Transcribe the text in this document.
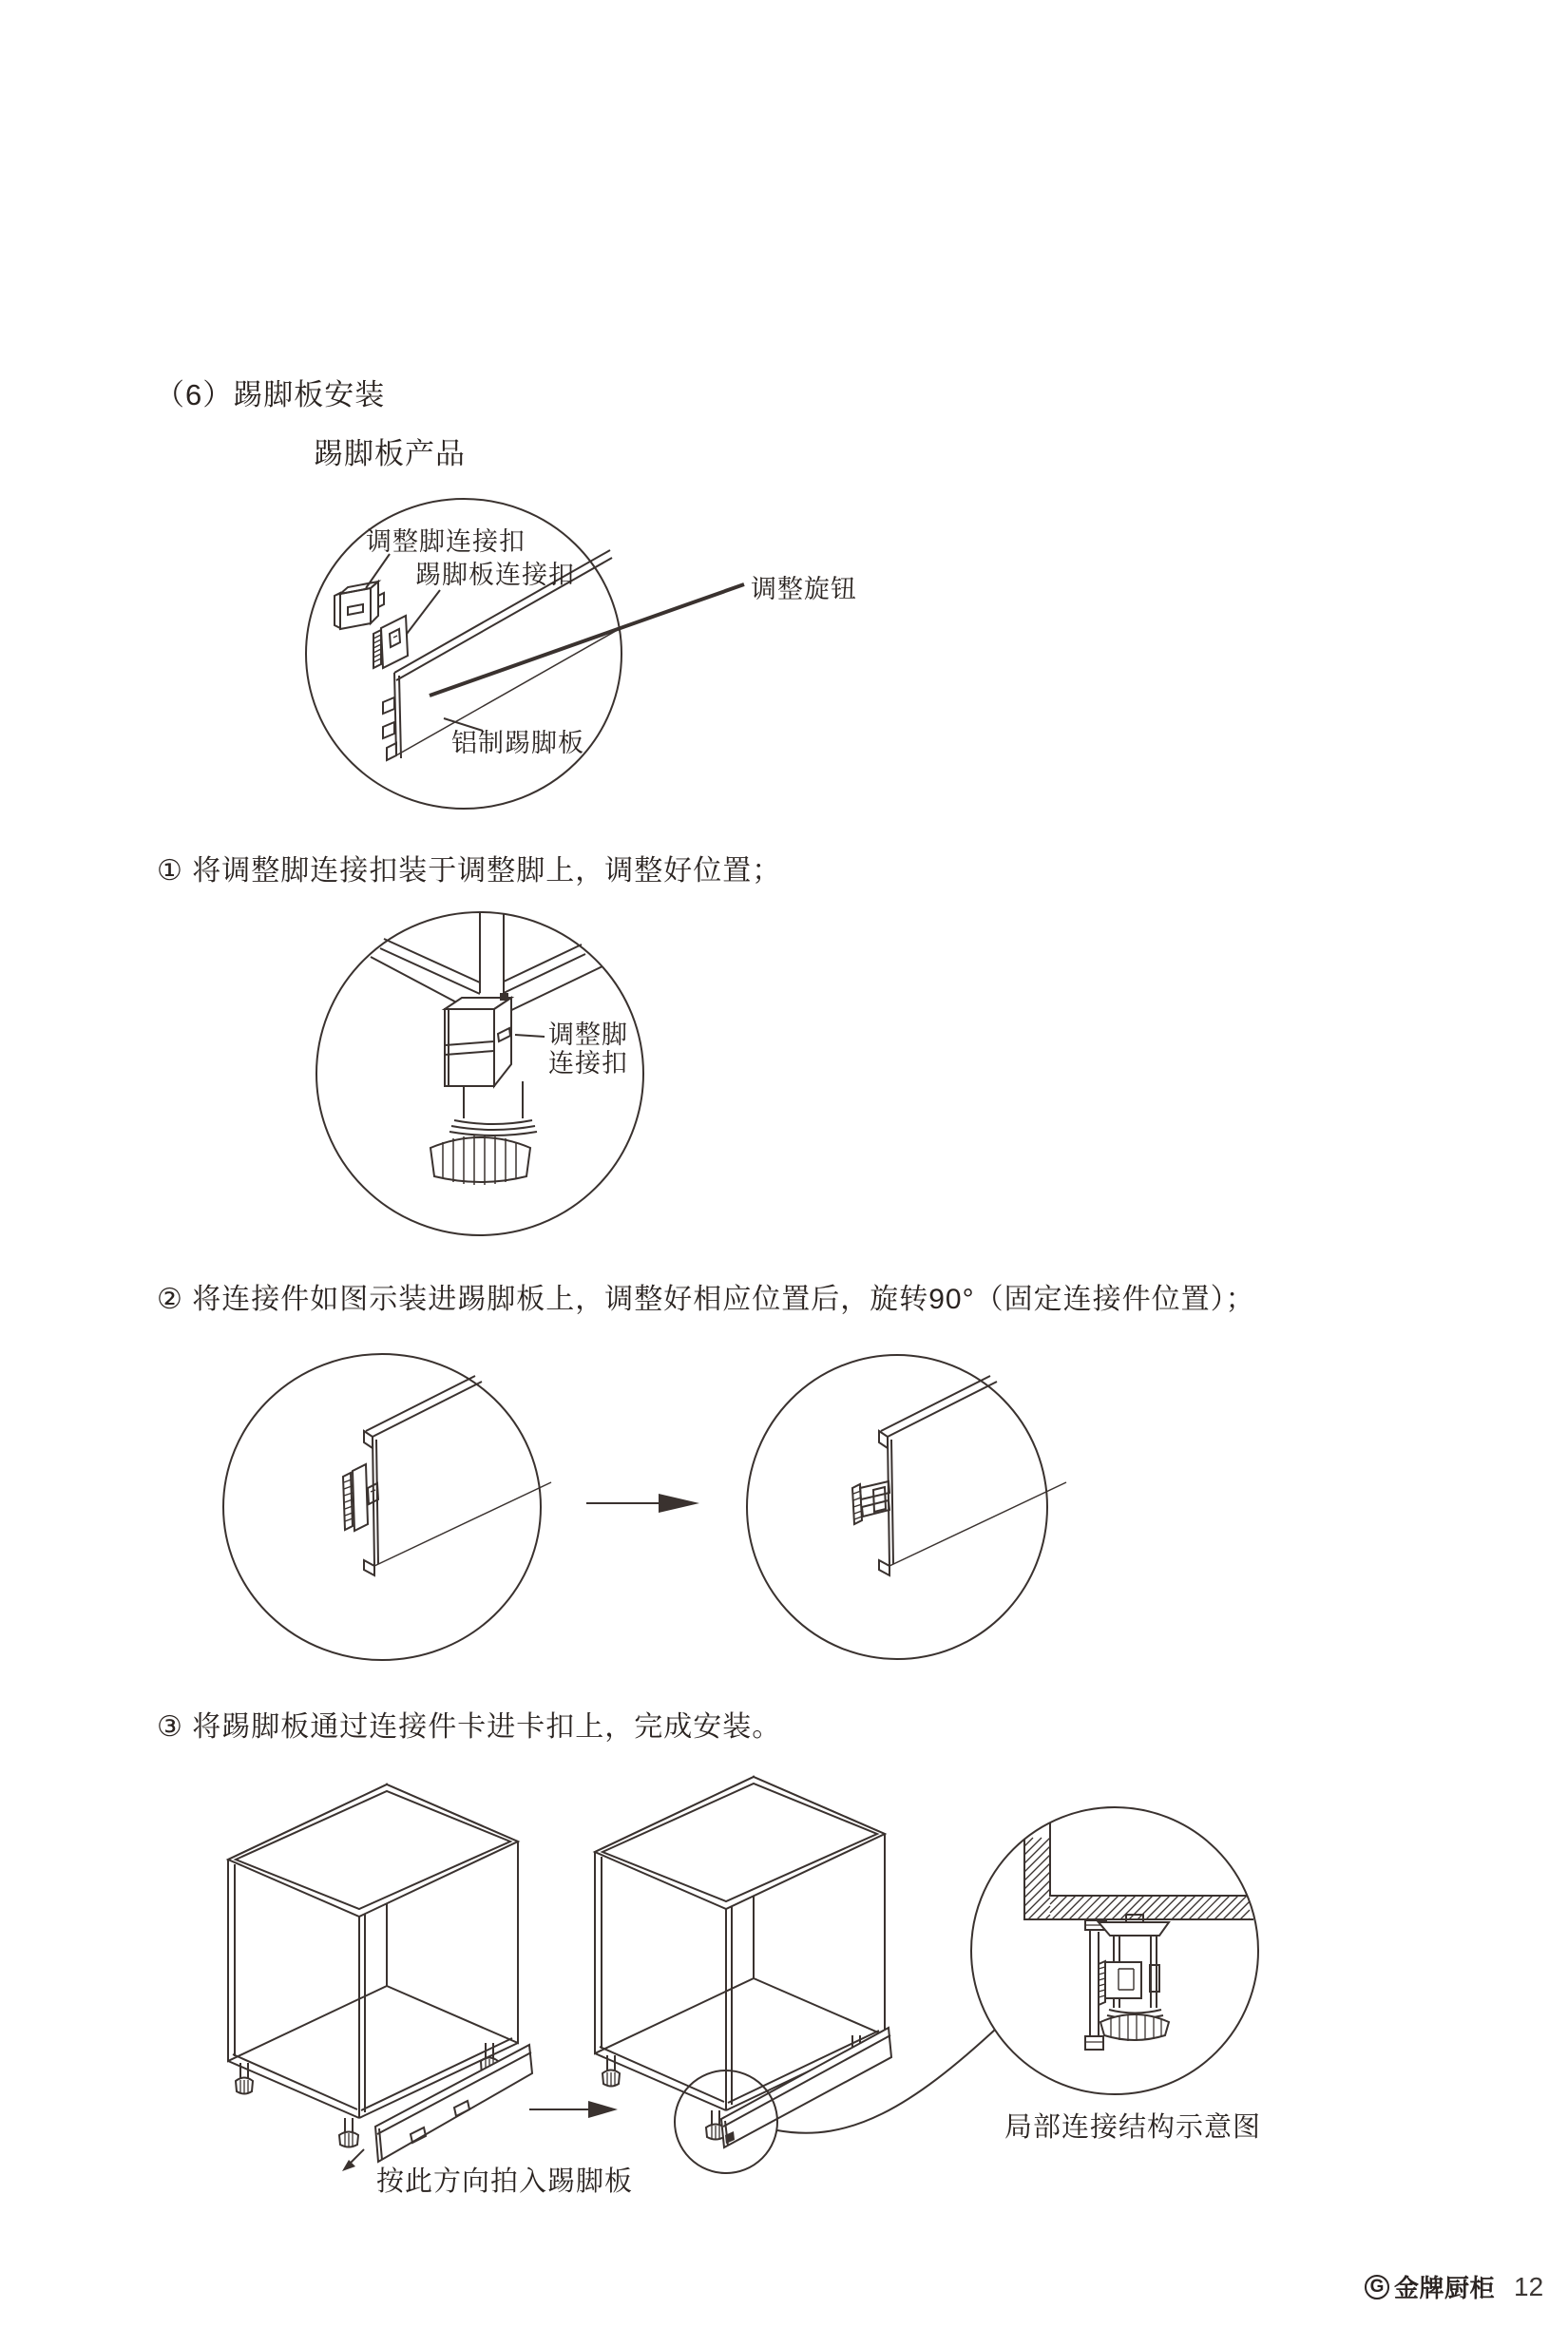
（6）踢脚板安装
踢脚板产品
调整脚连接扣
踢脚板连接扣
铝制踢脚板
调整旋钮
① 将调整脚连接扣装于调整脚上，调整好位置；
调整脚
连接扣
② 将连接件如图示装进踢脚板上，调整好相应位置后，旋转90°（固定连接件位置）；
③ 将踢脚板通过连接件卡进卡扣上，完成安装。
按此方向拍入踢脚板
局部连接结构示意图
G 金牌厨柜 12
